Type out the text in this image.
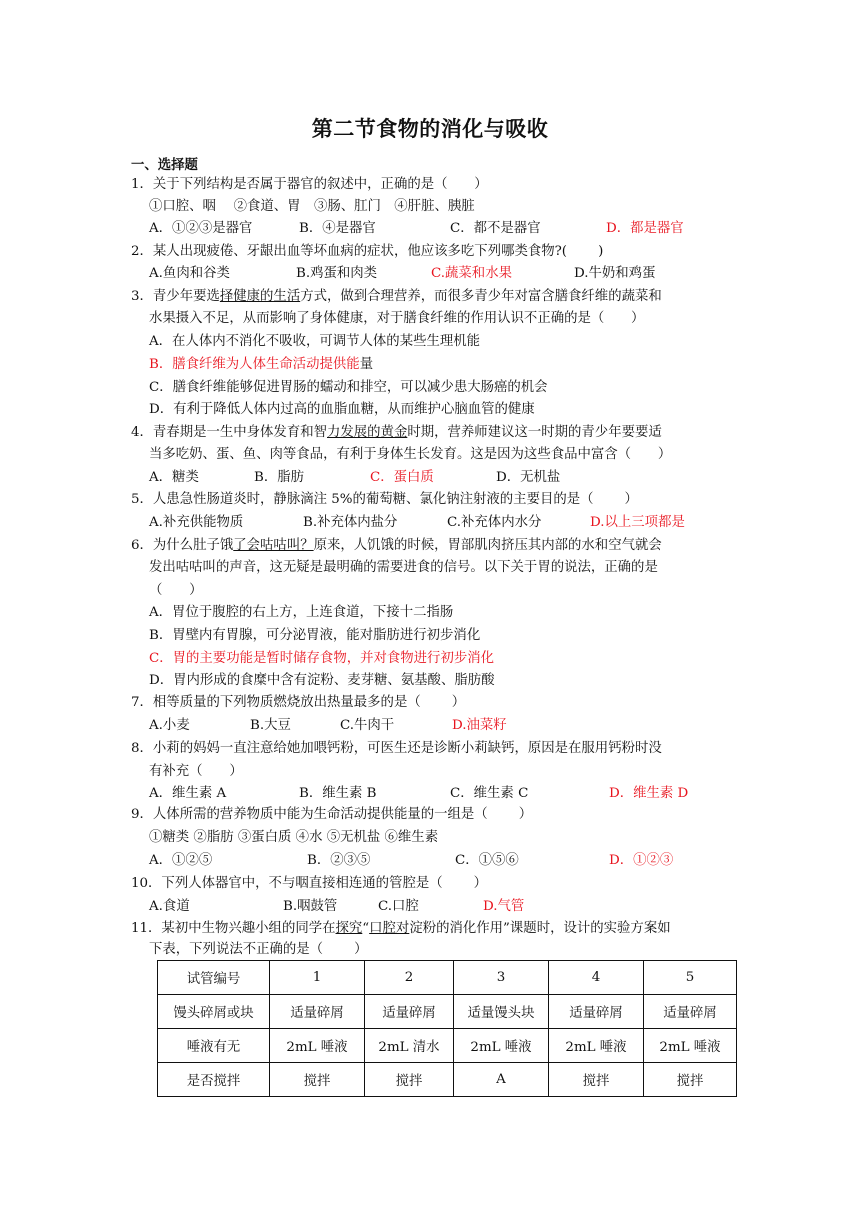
第二节食物的消化与吸收
一、选择题
1．关于下列结构是否属于器官的叙述中，正确的是（　　）
①口腔、咽　 ②食道、胃　③肠、肛门　④肝脏、胰脏
A．①②③是器官	B．④是器官	C．都不是器官	D．都是器官
2．某人出现疲倦、牙龈出血等坏血病的症状，他应该多吃下列哪类食物?(　　 )
A.鱼肉和谷类	B.鸡蛋和肉类	C.蔬菜和水果	D.牛奶和鸡蛋
3．青少年要选择健康的生活方式，做到合理营养，而很多青少年对富含膳食纤维的蔬菜和
水果摄入不足，从而影响了身体健康，对于膳食纤维的作用认识不正确的是（　　）
A．在人体内不消化不吸收，可调节人体的某些生理机能
B．膳食纤维为人体生命活动提供能量
C．膳食纤维能够促进胃肠的蠕动和排空，可以减少患大肠癌的机会
D．有利于降低人体内过高的血脂血糖，从而维护心脑血管的健康
4．青春期是一生中身体发育和智力发展的黄金时期，营养师建议这一时期的青少年要要适
当多吃奶、蛋、鱼、肉等食品，有利于身体生长发育。这是因为这些食品中富含（　　）
A．糖类	B．脂肪	C．蛋白质	D．无机盐
5．人患急性肠道炎时，静脉滴注 5%的葡萄糖、氯化钠注射液的主要目的是（　　 ）
A.补充供能物质	B.补充体内盐分	C.补充体内水分	D.以上三项都是
6．为什么肚子饿了会咕咕叫？原来，人饥饿的时候，胃部肌肉挤压其内部的水和空气就会
发出咕咕叫的声音，这无疑是最明确的需要进食的信号。以下关于胃的说法，正确的是
（　　）
A．胃位于腹腔的右上方，上连食道，下接十二指肠
B．胃壁内有胃腺，可分泌胃液，能对脂肪进行初步消化
C．胃的主要功能是暂时储存食物，并对食物进行初步消化
D．胃内形成的食糜中含有淀粉、麦芽糖、氨基酸、脂肪酸
7．相等质量的下列物质燃烧放出热量最多的是（　　 ）
A.小麦	B.大豆	C.牛肉干	D.油菜籽
8．小莉的妈妈一直注意给她加喂钙粉，可医生还是诊断小莉缺钙，原因是在服用钙粉时没
有补充（　　）
A．维生素 A	B．维生素 B	C．维生素 C	D．维生素 D
9．人体所需的营养物质中能为生命活动提供能量的一组是（　　 ）
①糖类 ②脂肪 ③蛋白质 ④水 ⑤无机盐 ⑥维生素
A．①②⑤	B．②③⑤	C．①⑤⑥	D．①②③
10．下列人体器官中，不与咽直接相连通的管腔是（　　 ）
A.食道	B.咽鼓管	C.口腔	D.气管
11．某初中生物兴趣小组的同学在探究“口腔对淀粉的消化作用”课题时，设计的实验方案如
下表，下列说法不正确的是（　　 ）
试管编号	1	2	3	4	5
馒头碎屑或块	适量碎屑	适量碎屑	适量馒头块	适量碎屑	适量碎屑
唾液有无	2mL 唾液	2mL 清水	2mL 唾液	2mL 唾液	2mL 唾液
是否搅拌	搅拌	搅拌	A	搅拌	搅拌
